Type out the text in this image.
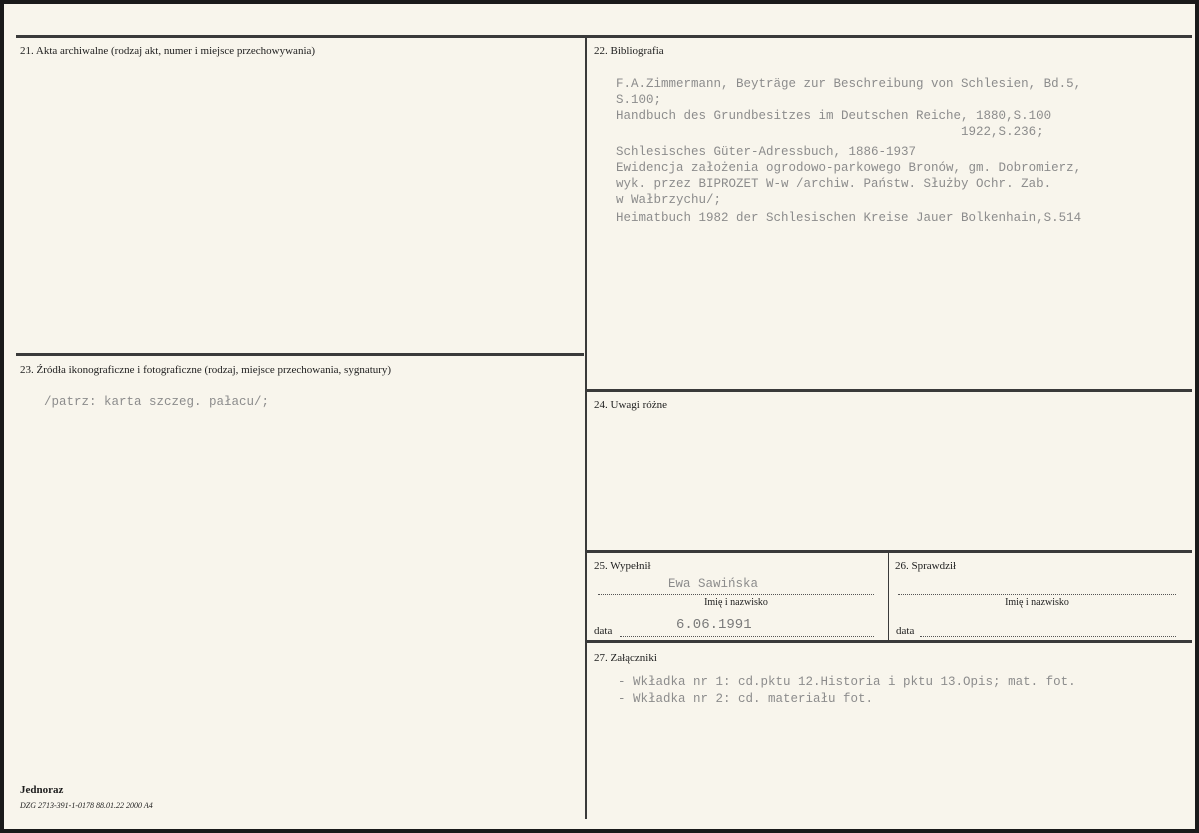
21. Akta archiwalne (rodzaj akt, numer i miejsce przechowywania)	22. Bibliografia
F.A.Zimmermann, Beyträge zur Beschreibung von Schlesien, Bd.5,
S.100;
Handbuch des Grundbesitzes im Deutschen Reiche, 1880,S.100
1922,S.236;
Schlesisches Güter-Adressbuch, 1886-1937
Ewidencja założenia ogrodowo-parkowego Bronów, gm. Dobromierz,
wyk. przez BIPROZET W-w /archiw. Państw. Służby Ochr. Zab.
w Wałbrzychu/;
Heimatbuch 1982 der Schlesischen Kreise Jauer Bolkenhain,S.514
23. Źródła ikonograficzne i fotograficzne (rodzaj, miejsce przechowania, sygnatury)
/patrz: karta szczeg. pałacu/;	24. Uwagi różne
25. Wypełnił
Ewa Sawińska
Imię i nazwisko
data	6.06.1991
26. Sprawdził
Imię i nazwisko
data
27. Załączniki
- Wkładka nr 1: cd.pktu 12.Historia i pktu 13.Opis; mat. fot.
- Wkładka nr 2: cd. materiału fot.
Jednoraz
DZG 2713-391-1-0178 88.01.22 2000 A4
